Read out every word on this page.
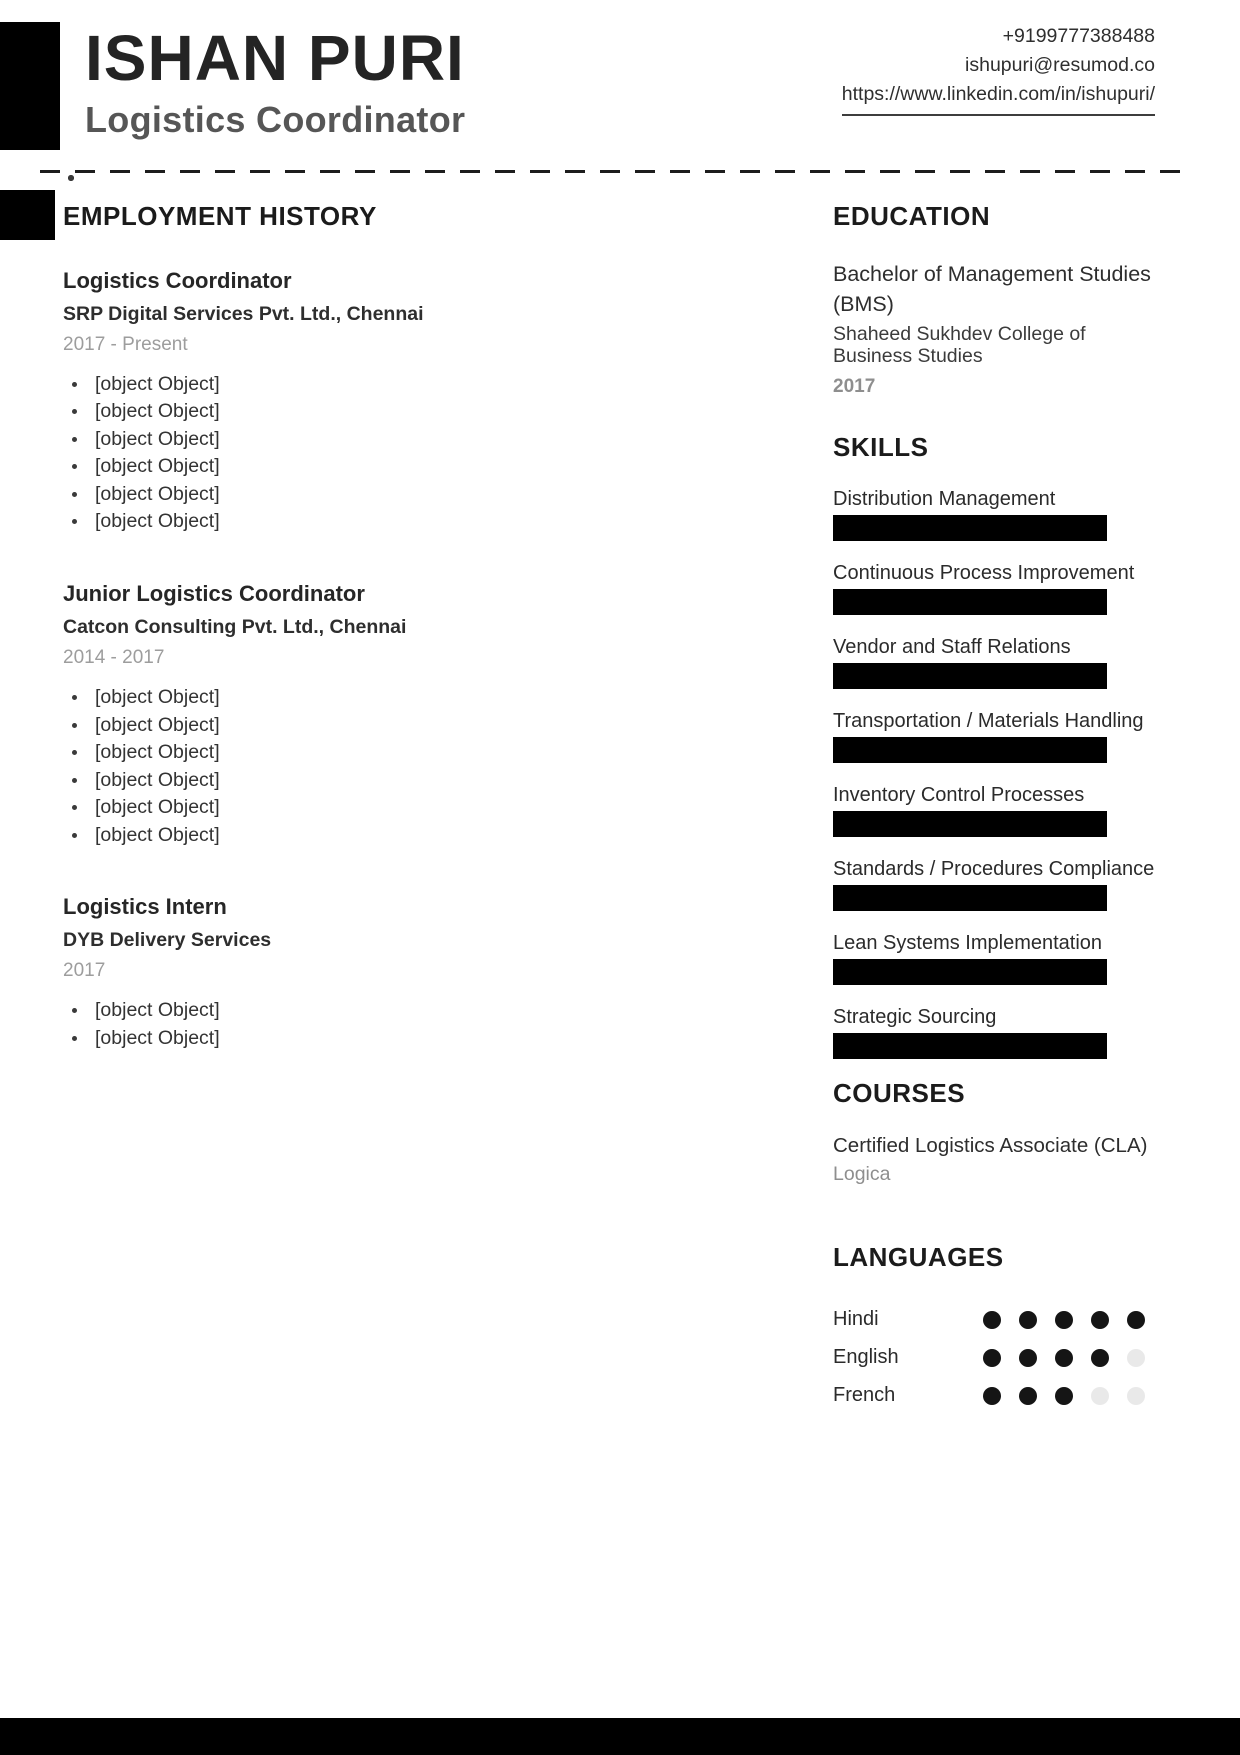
ISHAN PURI
Logistics Coordinator
+9199777388488
ishupuri@resumod.co
https://www.linkedin.com/in/ishupuri/
EMPLOYMENT HISTORY
Logistics Coordinator
SRP Digital Services Pvt. Ltd., Chennai
2017 - Present
[object Object]
[object Object]
[object Object]
[object Object]
[object Object]
[object Object]
Junior Logistics Coordinator
Catcon Consulting Pvt. Ltd., Chennai
2014 - 2017
[object Object]
[object Object]
[object Object]
[object Object]
[object Object]
[object Object]
Logistics Intern
DYB Delivery Services
2017
[object Object]
[object Object]
EDUCATION
Bachelor of Management Studies (BMS)
Shaheed Sukhdev College of Business Studies
2017
SKILLS
Distribution Management
Continuous Process Improvement
Vendor and Staff Relations
Transportation / Materials Handling
Inventory Control Processes
Standards / Procedures Compliance
Lean Systems Implementation
Strategic Sourcing
COURSES
Certified Logistics Associate (CLA)
Logica
LANGUAGES
Hindi
English
French
